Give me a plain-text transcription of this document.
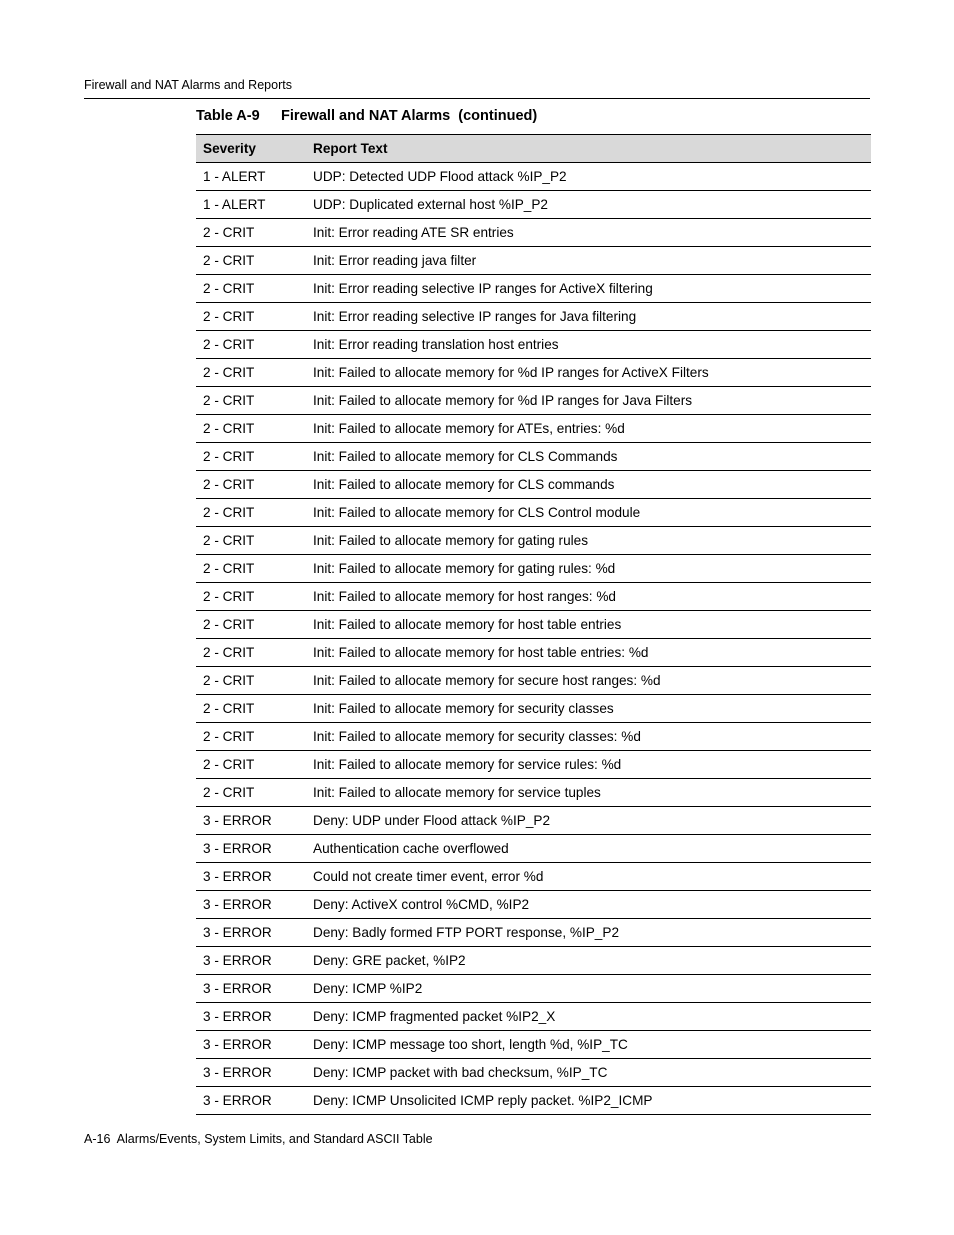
Firewall and NAT Alarms and Reports
Table A-9 Firewall and NAT Alarms  (continued)
Severity	Report Text
1 - ALERT	UDP: Detected UDP Flood attack %IP_P2
1 - ALERT	UDP: Duplicated external host %IP_P2
2 - CRIT	Init: Error reading ATE SR entries
2 - CRIT	Init: Error reading java filter
2 - CRIT	Init: Error reading selective IP ranges for ActiveX filtering
2 - CRIT	Init: Error reading selective IP ranges for Java filtering
2 - CRIT	Init: Error reading translation host entries
2 - CRIT	Init: Failed to allocate memory for %d IP ranges for ActiveX Filters
2 - CRIT	Init: Failed to allocate memory for %d IP ranges for Java Filters
2 - CRIT	Init: Failed to allocate memory for ATEs, entries: %d
2 - CRIT	Init: Failed to allocate memory for CLS Commands
2 - CRIT	Init: Failed to allocate memory for CLS commands
2 - CRIT	Init: Failed to allocate memory for CLS Control module
2 - CRIT	Init: Failed to allocate memory for gating rules
2 - CRIT	Init: Failed to allocate memory for gating rules: %d
2 - CRIT	Init: Failed to allocate memory for host ranges: %d
2 - CRIT	Init: Failed to allocate memory for host table entries
2 - CRIT	Init: Failed to allocate memory for host table entries: %d
2 - CRIT	Init: Failed to allocate memory for secure host ranges: %d
2 - CRIT	Init: Failed to allocate memory for security classes
2 - CRIT	Init: Failed to allocate memory for security classes: %d
2 - CRIT	Init: Failed to allocate memory for service rules: %d
2 - CRIT	Init: Failed to allocate memory for service tuples
3 - ERROR	Deny: UDP under Flood attack %IP_P2
3 - ERROR	Authentication cache overflowed
3 - ERROR	Could not create timer event, error %d
3 - ERROR	Deny: ActiveX control %CMD, %IP2
3 - ERROR	Deny: Badly formed FTP PORT response, %IP_P2
3 - ERROR	Deny: GRE packet, %IP2
3 - ERROR	Deny: ICMP %IP2
3 - ERROR	Deny: ICMP fragmented packet %IP2_X
3 - ERROR	Deny: ICMP message too short, length %d, %IP_TC
3 - ERROR	Deny: ICMP packet with bad checksum, %IP_TC
3 - ERROR	Deny: ICMP Unsolicited ICMP reply packet. %IP2_ICMP
A-16 Alarms/Events, System Limits, and Standard ASCII Table
